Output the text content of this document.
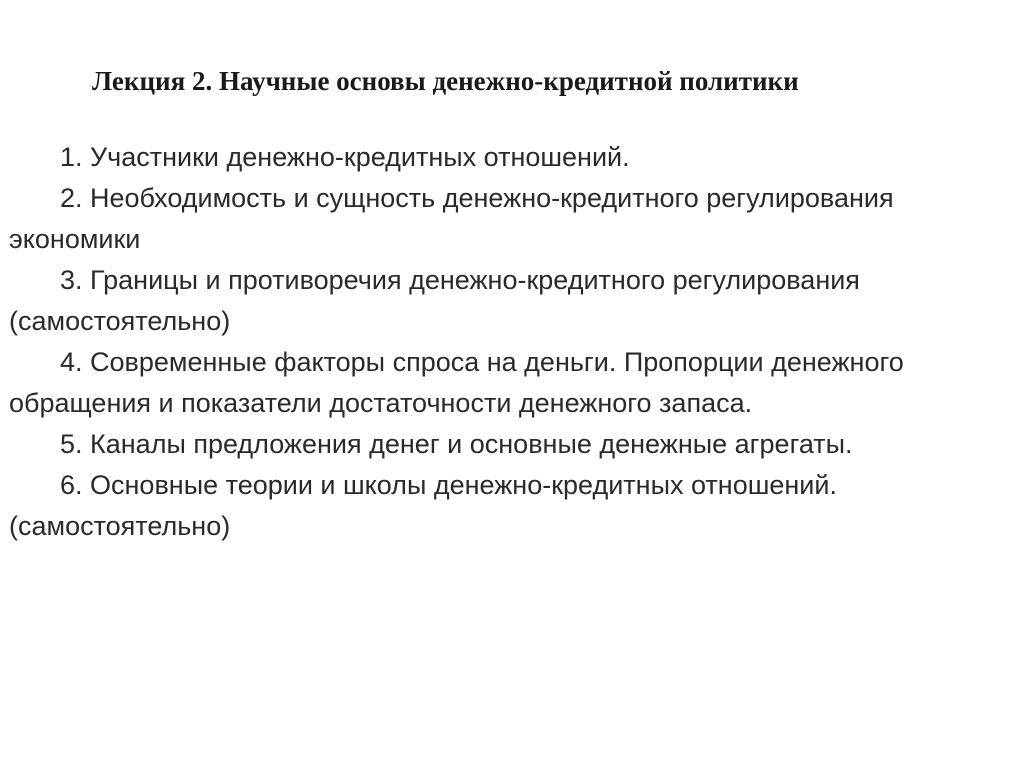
Лекция 2. Научные основы денежно-кредитной политики
1. Участники денежно-кредитных отношений.
2. Необходимость и сущность денежно-кредитного регулирования экономики
3. Границы и противоречия денежно-кредитного регулирования (самостоятельно)
4. Современные факторы спроса на деньги. Пропорции денежного обращения и показатели достаточности денежного запаса.
5. Каналы предложения денег и основные денежные агрегаты.
6. Основные теории и школы денежно-кредитных отношений. (самостоятельно)
